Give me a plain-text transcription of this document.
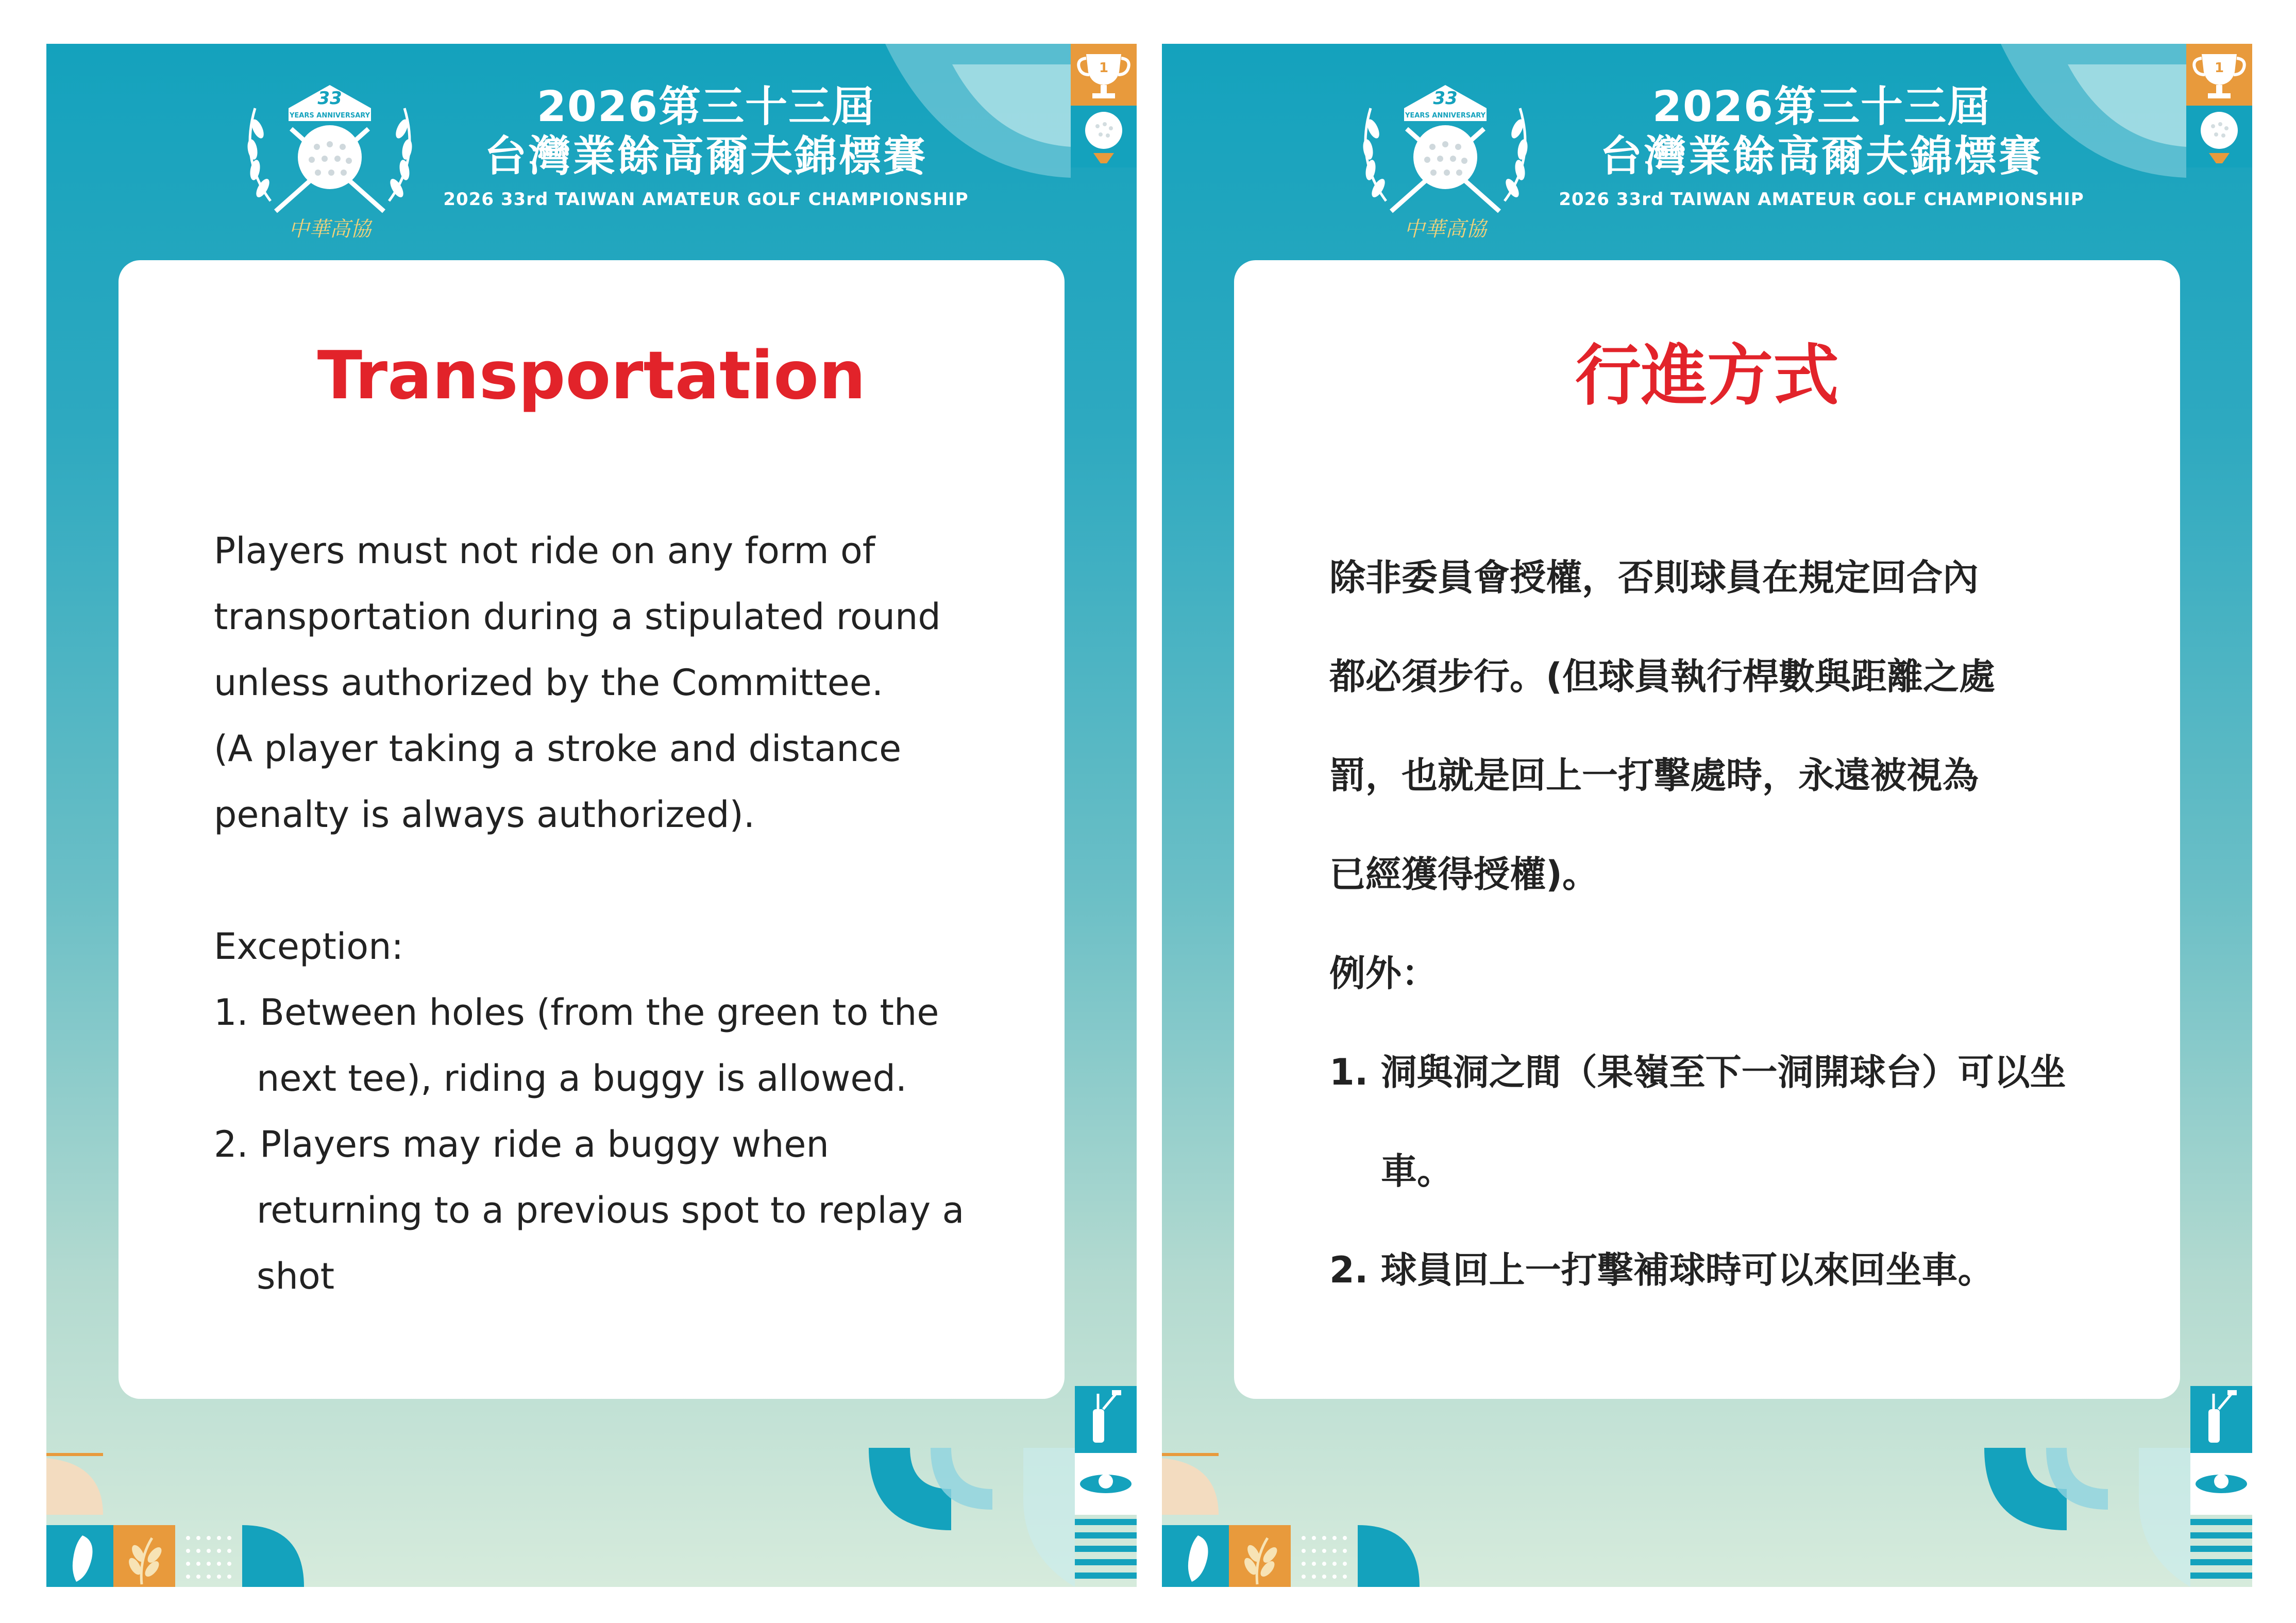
33
YEARS ANNIVERSARY
中華高協
2026第三十三屆
台灣業餘高爾夫錦標賽
2026 33rd TAIWAN AMATEUR GOLF CHAMPIONSHIP
1
Transportation

Players must not ride on any form of

transportation during a stipulated round

unless authorized by the Committee.

(A player taking a stroke and distance

penalty is always authorized).

Exception:

1. Between holes (from the green to the next tee), riding a buggy is allowed.

2. Players may ride a buggy when returning to a previous spot to replay a shot

33
YEARS ANNIVERSARY
中華高協
2026第三十三屆
台灣業餘高爾夫錦標賽
2026 33rd TAIWAN AMATEUR GOLF CHAMPIONSHIP
1
行進方式

除非委員會授權，否則球員在規定回合內

都必須步行。(但球員執行桿數與距離之處

罰，也就是回上一打擊處時，永遠被視為

已經獲得授權)。

例外：

1. 洞與洞之間（果嶺至下一洞開球台）可以坐車。

2. 球員回上一打擊補球時可以來回坐車。
